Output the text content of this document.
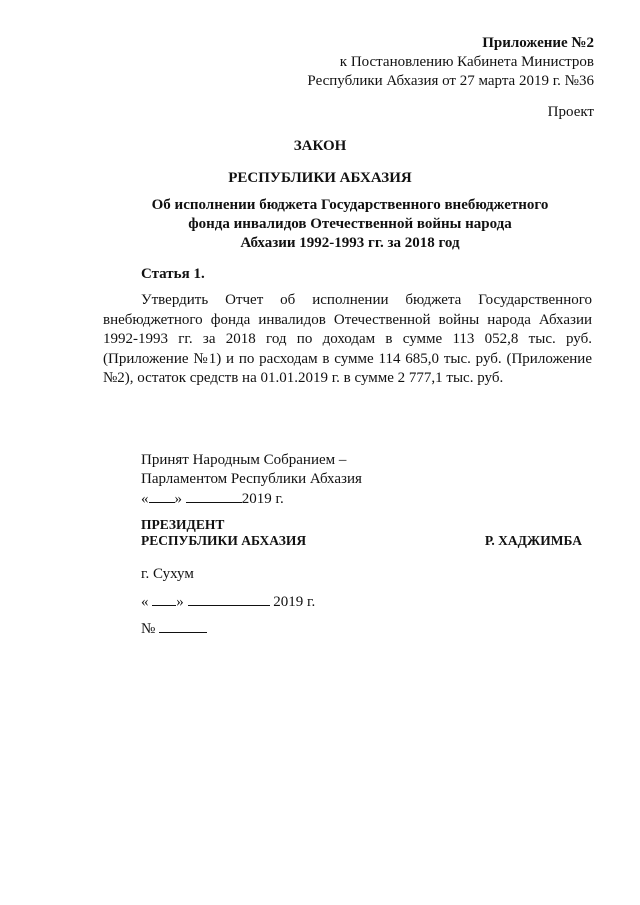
Приложение №2
к Постановлению Кабинета Министров
Республики Абхазия от 27 марта 2019 г. №36
Проект
ЗАКОН
РЕСПУБЛИКИ АБХАЗИЯ
Об исполнении бюджета Государственного внебюджетного
фонда инвалидов Отечественной войны народа
Абхазии 1992-1993 гг. за 2018 год
Статья 1.

Утвердить Отчет об исполнении бюджета Государственного внебюджетного фонда инвалидов Отечественной войны народа Абхазии 1992-1993 гг. за 2018 год по доходам в сумме 113 052,8 тыс. руб. (Приложение №1) и по расходам в сумме 114 685,0 тыс. руб. (Приложение №2), остаток средств на 01.01.2019 г. в сумме 2 777,1 тыс. руб.

Принят Народным Собранием –
Парламентом Республики Абхазия
« »	2019 г.
ПРЕЗИДЕНТ
РЕСПУБЛИКИ АБХАЗИЯ	Р. ХАДЖИМБА
г. Сухум
« »	2019 г.
№
